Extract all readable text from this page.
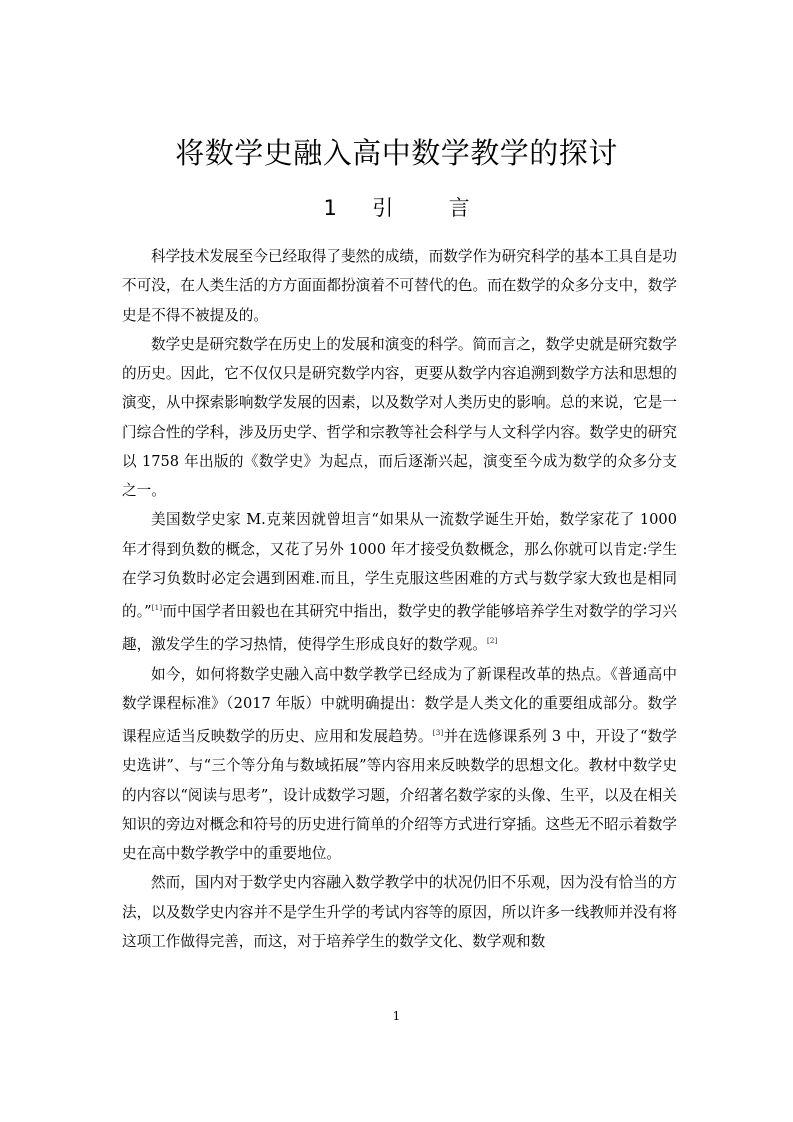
将数学史融入高中数学教学的探讨
1 引	言

科学技术发展至今已经取得了斐然的成绩，而数学作为研究科学的基本工具自是功不可没，在人类生活的方方面面都扮演着不可替代的色。而在数学的众多分支中，数学史是不得不被提及的。

数学史是研究数学在历史上的发展和演变的科学。简而言之，数学史就是研究数学的历史。因此，它不仅仅只是研究数学内容，更要从数学内容追溯到数学方法和思想的演变，从中探索影响数学发展的因素，以及数学对人类历史的影响。总的来说，它是一门综合性的学科，涉及历史学、哲学和宗教等社会科学与人文科学内容。数学史的研究以 1758 年出版的《数学史》为起点，而后逐渐兴起，演变至今成为数学的众多分支之一。

美国数学史家 M.克莱因就曾坦言“如果从一流数学诞生开始，数学家花了 1000 年才得到负数的概念，又花了另外 1000 年才接受负数概念，那么你就可以肯定:学生在学习负数时必定会遇到困难.而且，学生克服这些困难的方式与数学家大致也是相同的。”[1]而中国学者田毅也在其研究中指出，数学史的教学能够培养学生对数学的学习兴趣，激发学生的学习热情，使得学生形成良好的数学观。[2]

如今，如何将数学史融入高中数学教学已经成为了新课程改革的热点。《普通高中数学课程标准》（2017 年版）中就明确提出：数学是人类文化的重要组成部分。数学课程应适当反映数学的历史、应用和发展趋势。[3]并在选修课系列 3 中，开设了“数学史选讲”、与“三个等分角与数域拓展”等内容用来反映数学的思想文化。教材中数学史的内容以“阅读与思考”，设计成数学习题，介绍著名数学家的头像、生平，以及在相关知识的旁边对概念和符号的历史进行简单的介绍等方式进行穿插。这些无不昭示着数学史在高中数学教学中的重要地位。

然而，国内对于数学史内容融入数学教学中的状况仍旧不乐观，因为没有恰当的方法，以及数学史内容并不是学生升学的考试内容等的原因，所以许多一线教师并没有将这项工作做得完善，而这，对于培养学生的数学文化、数学观和数

1
